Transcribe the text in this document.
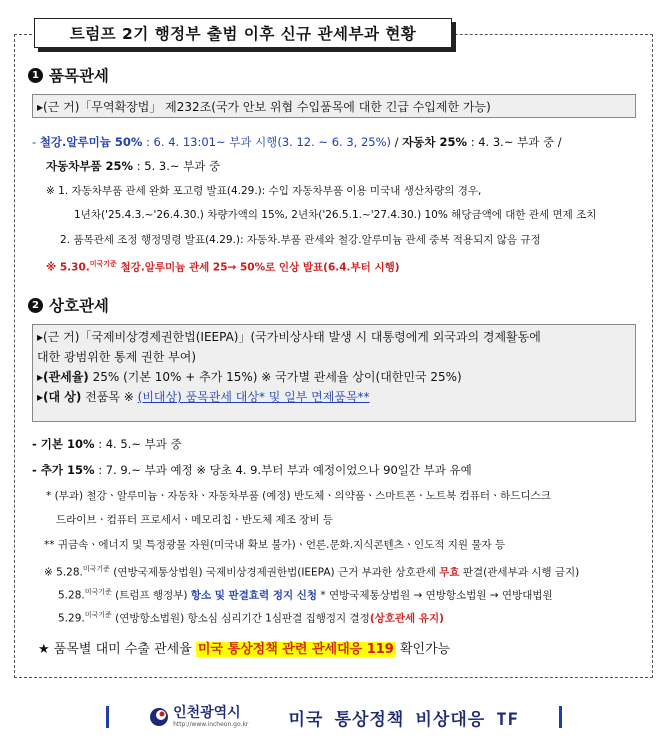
트럼프 2기 행정부 출범 이후 신규 관세부과 현황
1 품목관세
▸(근 거)「무역확장법」 제232조(국가 안보 위협 수입품목에 대한 긴급 수입제한 가능)
- 철강.알루미늄 50% : 6. 4. 13:01~ 부과 시행(3. 12. ~ 6. 3, 25%) / 자동차 25% : 4. 3.~ 부과 중 /
자동차부품 25% : 5. 3.~ 부과 중
※ 1. 자동차부품 관세 완화 포고령 발표(4.29.): 수입 자동차부품 이용 미국내 생산차량의 경우,
1년차('25.4.3.~'26.4.30.) 차량가액의 15%, 2년차('26.5.1.~'27.4.30.) 10% 해당금액에 대한 관세 면제 조치
2. 품목관세 조정 행정명령 발표(4.29.): 자동차.부품 관세와 철강.알루미늄 관세 중복 적용되지 않음 규정
※ 5.30.$^{미국기준}$ 철강.알루미늄 관세 25→ 50%로 인상 발표(6.4.부터 시행)
2 상호관세
▸(근 거)「국제비상경제권한법(IEEPA)」(국가비상사태 발생 시 대통령에게 외국과의 경제활동에
대한 광범위한 통제 권한 부여)
▸(관세율) 25% (기본 10% + 추가 15%) ※ 국가별 관세율 상이(대한민국 25%)
▸(대 상) 전품목 ※ (비대상) 품목관세 대상* 및 일부 면제품목**
- 기본 10% : 4. 5.~ 부과 중
- 추가 15% : 7. 9.~ 부과 예정 ※ 당초 4. 9.부터 부과 예정이었으나 90일간 부과 유예
* (부과) 철강ㆍ알루미늄ㆍ자동차ㆍ자동차부품 (예정) 반도체ㆍ의약품ㆍ스마트폰ㆍ노트북 컴퓨터ㆍ하드디스크
드라이브ㆍ컴퓨터 프로세서ㆍ메모리칩ㆍ반도체 제조 장비 등
** 귀금속ㆍ에너지 및 특정광물 자원(미국내 확보 불가)ㆍ언론.문화.지식콘텐츠ㆍ인도적 지원 물자 등
※ 5.28.$^{미국기준}$ (연방국제통상법원) 국제비상경제권한법(IEEPA) 근거 부과한 상호관세 무효 판결(관세부과 시행 금지)
5.28.$^{미국기준}$ (트럼프 행정부) 항소 및 판결효력 정지 신청 * 연방국제통상법원 → 연방항소법원 → 연방대법원
5.29.$^{미국기준}$ (연방항소법원) 항소심 심리기간 1심판결 집행정지 결정(상호관세 유지)
★ 품목별 대미 수출 관세율 미국 통상정책 관련 관세대응 119 확인가능
인천광역시
http://www.incheon.go.kr 미국 통상정책 비상대응 TF
